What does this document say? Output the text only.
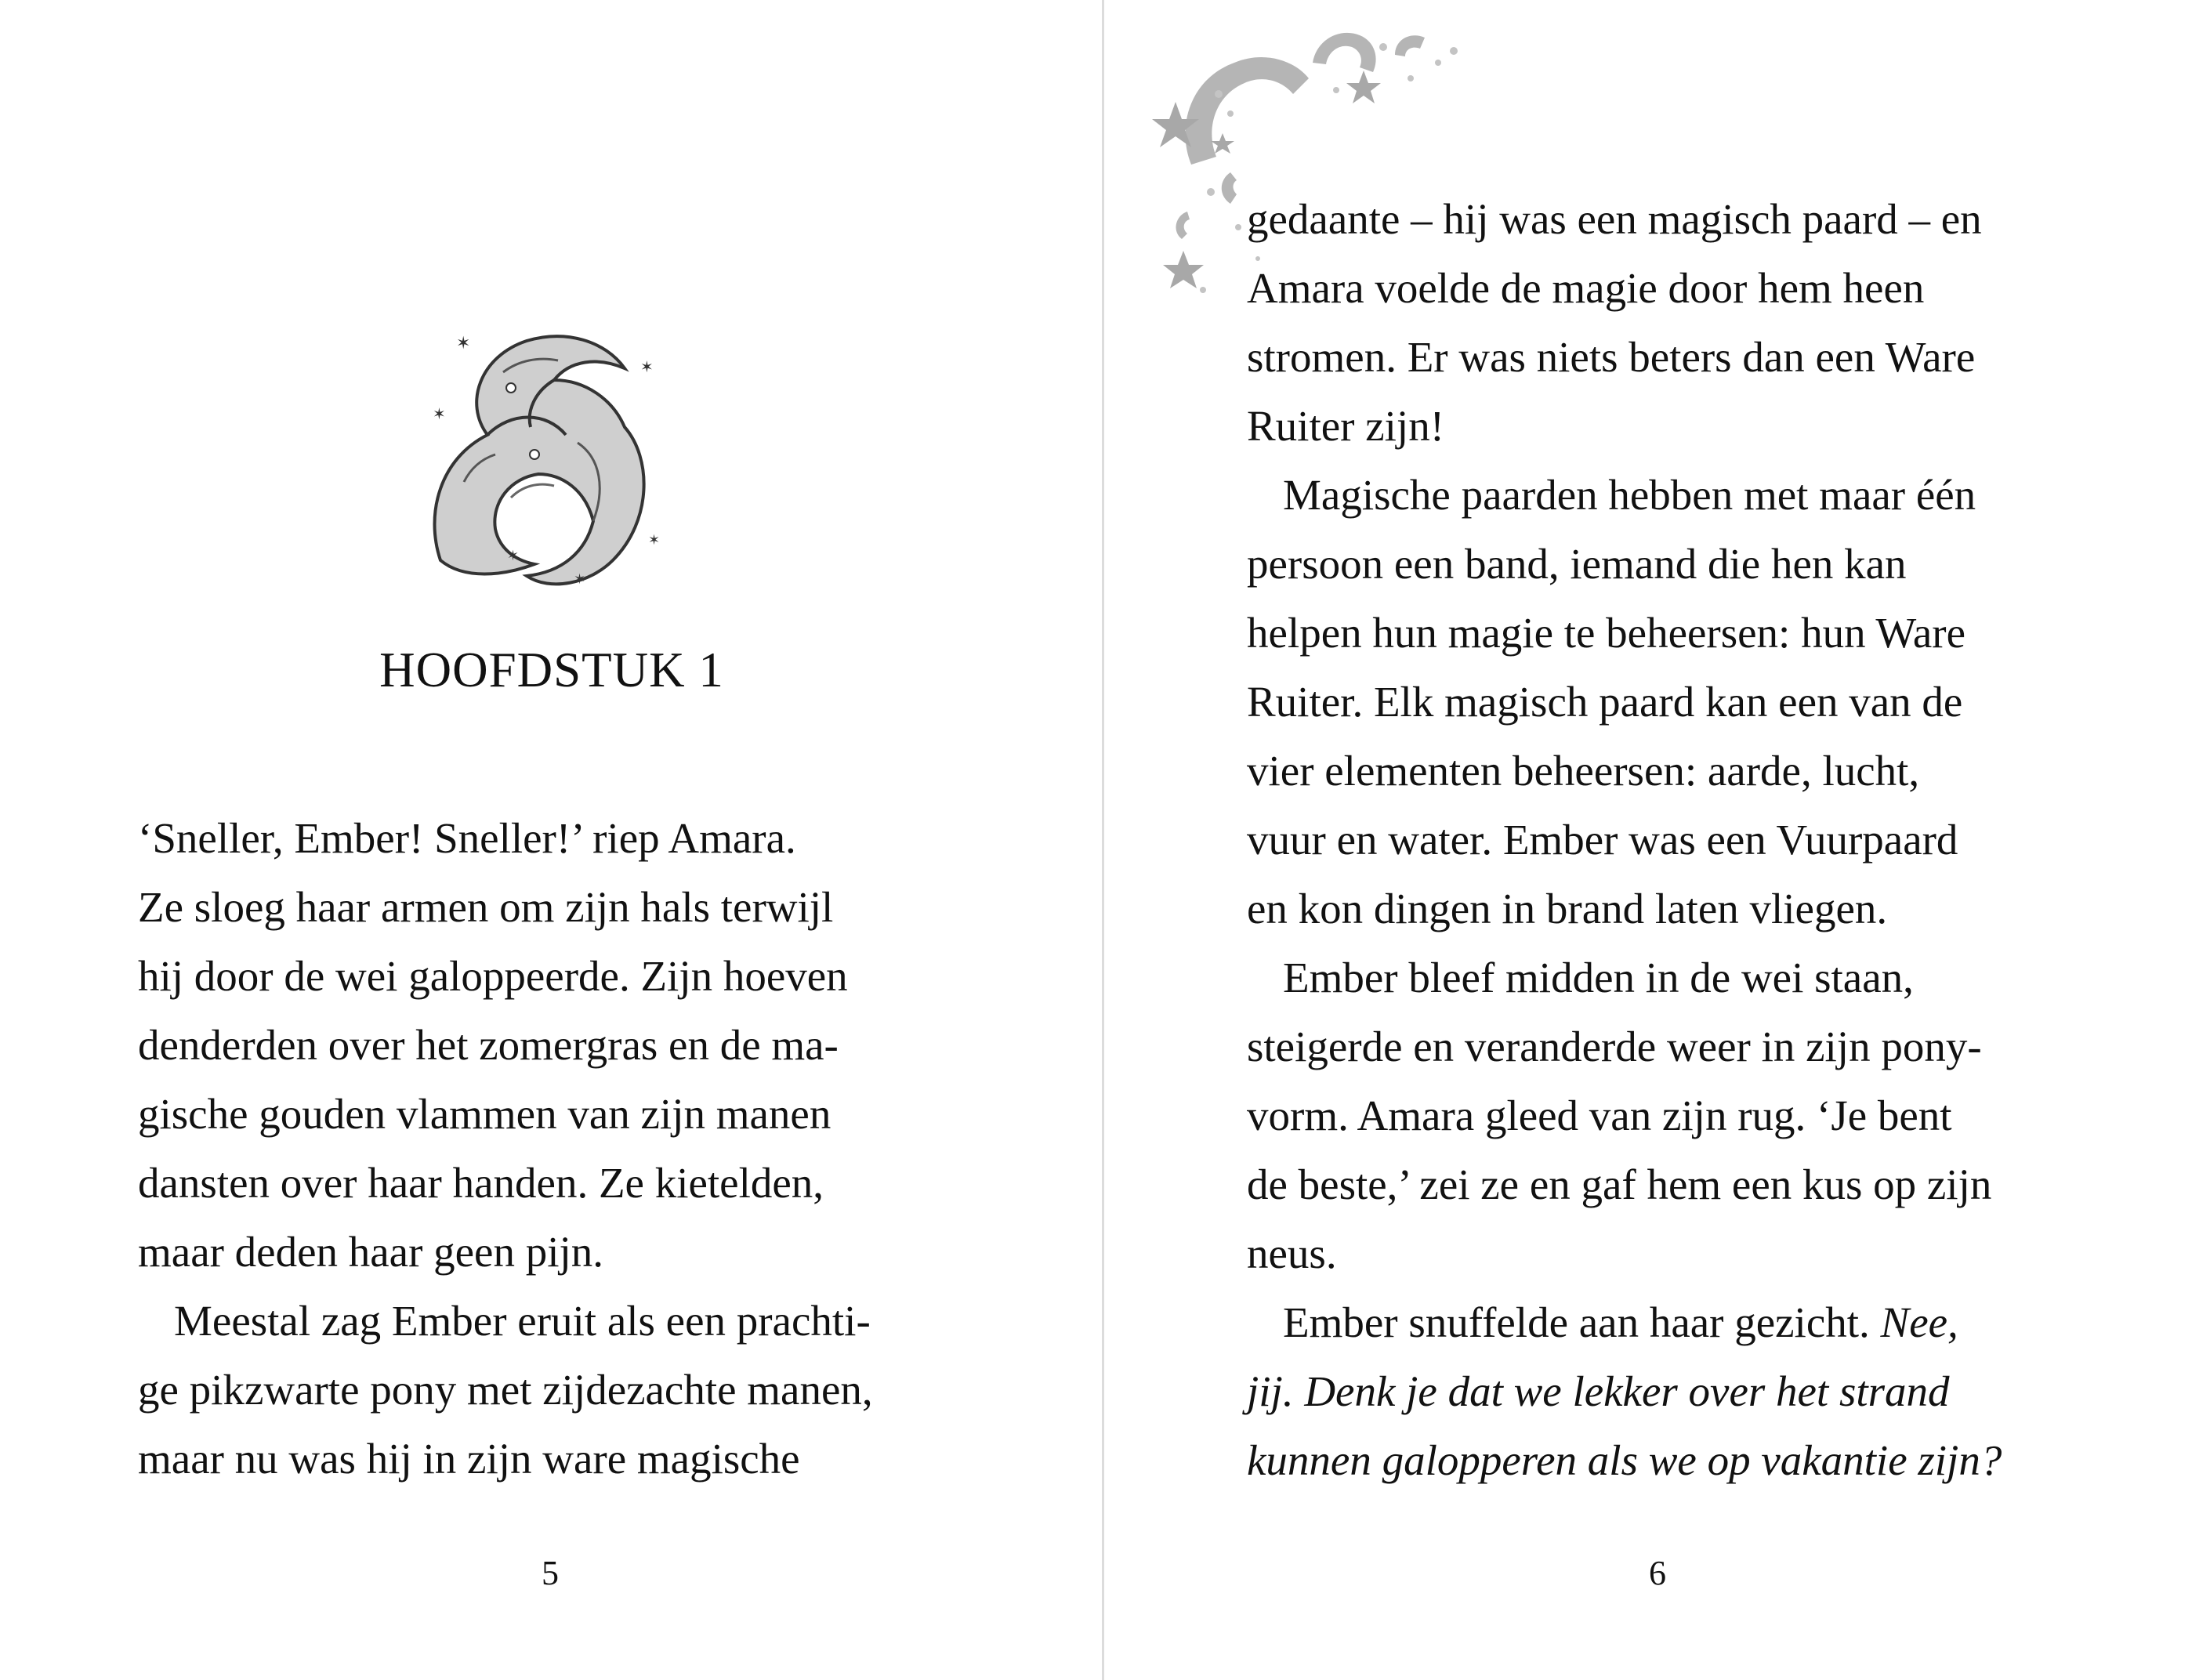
✶
✶
✶
✶
✶
✶
HOOFDSTUK 1
‘Sneller, Ember! Sneller!’ riep Amara.
Ze sloeg haar armen om zijn hals terwijl
hij door de wei galoppeerde. Zijn hoeven
denderden over het zomergras en de ma-
gische gouden vlammen van zijn manen
dansten over haar handen. Ze kietelden,
maar deden haar geen pijn.
Meestal zag Ember eruit als een prachti-
ge pikzwarte pony met zijdezachte manen,
maar nu was hij in zijn ware magische
5
gedaante – hij was een magisch paard – en
Amara voelde de magie door hem heen
stromen. Er was niets beters dan een Ware
Ruiter zijn!
Magische paarden hebben met maar één
persoon een band, iemand die hen kan
helpen hun magie te beheersen: hun Ware
Ruiter. Elk magisch paard kan een van de
vier elementen beheersen: aarde, lucht,
vuur en water. Ember was een Vuurpaard
en kon dingen in brand laten vliegen.
Ember bleef midden in de wei staan,
steigerde en veranderde weer in zijn pony-
vorm. Amara gleed van zijn rug. ‘Je bent
de beste,’ zei ze en gaf hem een kus op zijn
neus.
Ember snuffelde aan haar gezicht. Nee,
jij. Denk je dat we lekker over het strand
kunnen galopperen als we op vakantie zijn?
6
